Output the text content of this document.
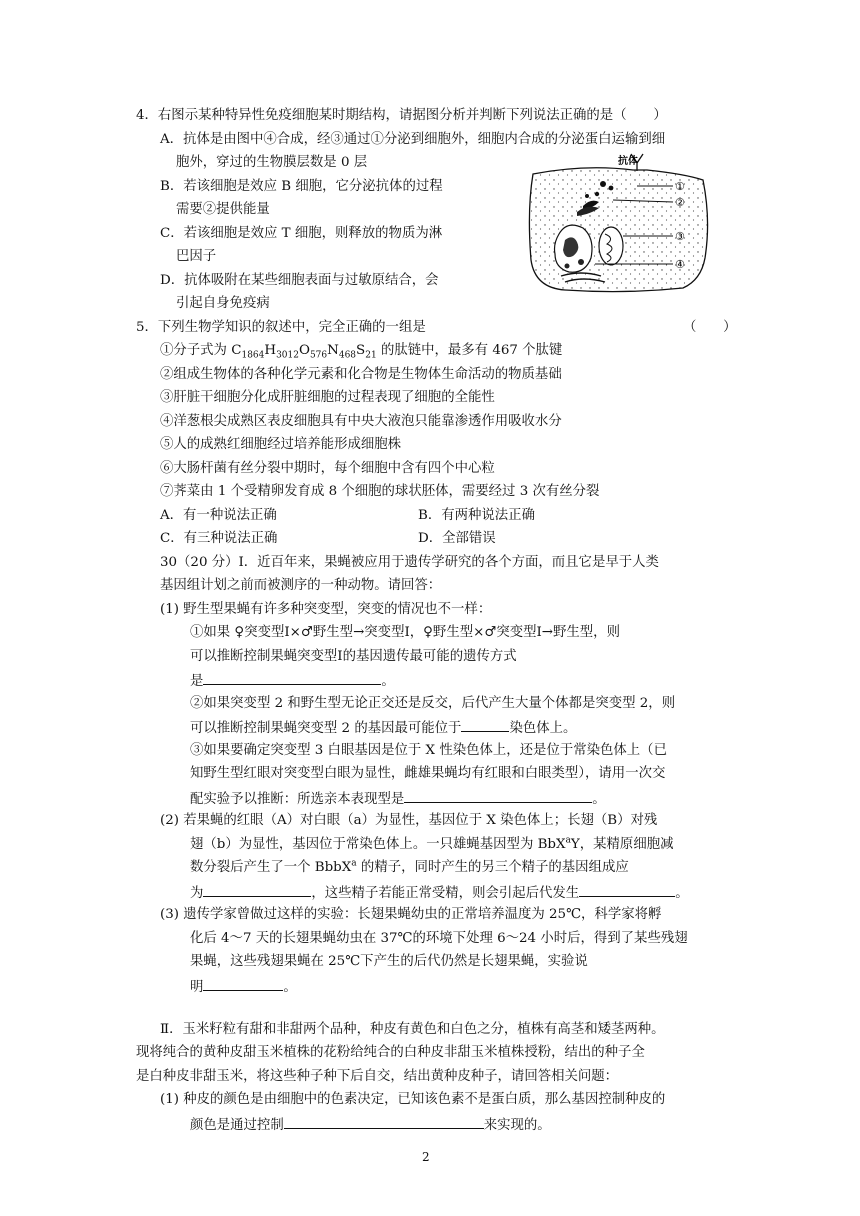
4．右图示某种特异性免疫细胞某时期结构，请据图分析并判断下列说法正确的是（　　）
A．抗体是由图中④合成，经③通过①分泌到细胞外，细胞内合成的分泌蛋白运输到细
胞外，穿过的生物膜层数是 0 层
B．若该细胞是效应 B 细胞，它分泌抗体的过程
需要②提供能量
C．若该细胞是效应 T 细胞，则释放的物质为淋
巴因子
D．抗体吸附在某些细胞表面与过敏原结合，会
引起自身免疫病
抗体
①
②
③
④
5．下列生物学知识的叙述中，完全正确的一组是	（　　）
①分子式为 $C_{1864}H_{3012}O_{576}N_{468}S_{21}$ 的肽链中，最多有 467 个肽键
②组成生物体的各种化学元素和化合物是生物体生命活动的物质基础
③肝脏干细胞分化成肝脏细胞的过程表现了细胞的全能性
④洋葱根尖成熟区表皮细胞具有中央大液泡只能靠渗透作用吸收水分
⑤人的成熟红细胞经过培养能形成细胞株
⑥大肠杆菌有丝分裂中期时，每个细胞中含有四个中心粒
⑦荠菜由 1 个受精卵发育成 8 个细胞的球状胚体，需要经过 3 次有丝分裂
A．有一种说法正确	B．有两种说法正确
C．有三种说法正确	D．全部错误
30（20 分）Ⅰ．近百年来，果蝇被应用于遗传学研究的各个方面，而且它是早于人类
基因组计划之前而被测序的一种动物。请回答：
(1) 野生型果蝇有许多种突变型，突变的情况也不一样：
①如果 ♀突变型Ⅰ×♂野生型→突变型Ⅰ，♀野生型×♂突变型Ⅰ→野生型，则
可以推断控制果蝇突变型Ⅰ的基因遗传最可能的遗传方式
是	。
②如果突变型 2 和野生型无论正交还是反交，后代产生大量个体都是突变型 2，则
可以推断控制果蝇突变型 2 的基因最可能位于	染色体上。
③如果要确定突变型 3 白眼基因是位于 X 性染色体上，还是位于常染色体上（已
知野生型红眼对突变型白眼为显性，雌雄果蝇均有红眼和白眼类型），请用一次交
配实验予以推断：所选亲本表现型是	。
(2) 若果蝇的红眼（A）对白眼（a）为显性，基因位于 X 染色体上；长翅（B）对残
翅（b）为显性，基因位于常染色体上。一只雄蝇基因型为 BbX$^a$Y，某精原细胞减
数分裂后产生了一个 BbbX$^a$ 的精子，同时产生的另三个精子的基因组成应
为	，这些精子若能正常受精，则会引起后代发生	。
(3) 遗传学家曾做过这样的实验：长翅果蝇幼虫的正常培养温度为 25℃，科学家将孵
化后 4～7 天的长翅果蝇幼虫在 37℃的环境下处理 6～24 小时后，得到了某些残翅
果蝇，这些残翅果蝇在 25℃下产生的后代仍然是长翅果蝇，实验说
明	。
Ⅱ．玉米籽粒有甜和非甜两个品种，种皮有黄色和白色之分，植株有高茎和矮茎两种。
现将纯合的黄种皮甜玉米植株的花粉给纯合的白种皮非甜玉米植株授粉，结出的种子全
是白种皮非甜玉米，将这些种子种下后自交，结出黄种皮种子，请回答相关问题：
(1) 种皮的颜色是由细胞中的色素决定，已知该色素不是蛋白质，那么基因控制种皮的
颜色是通过控制	来实现的。
2
